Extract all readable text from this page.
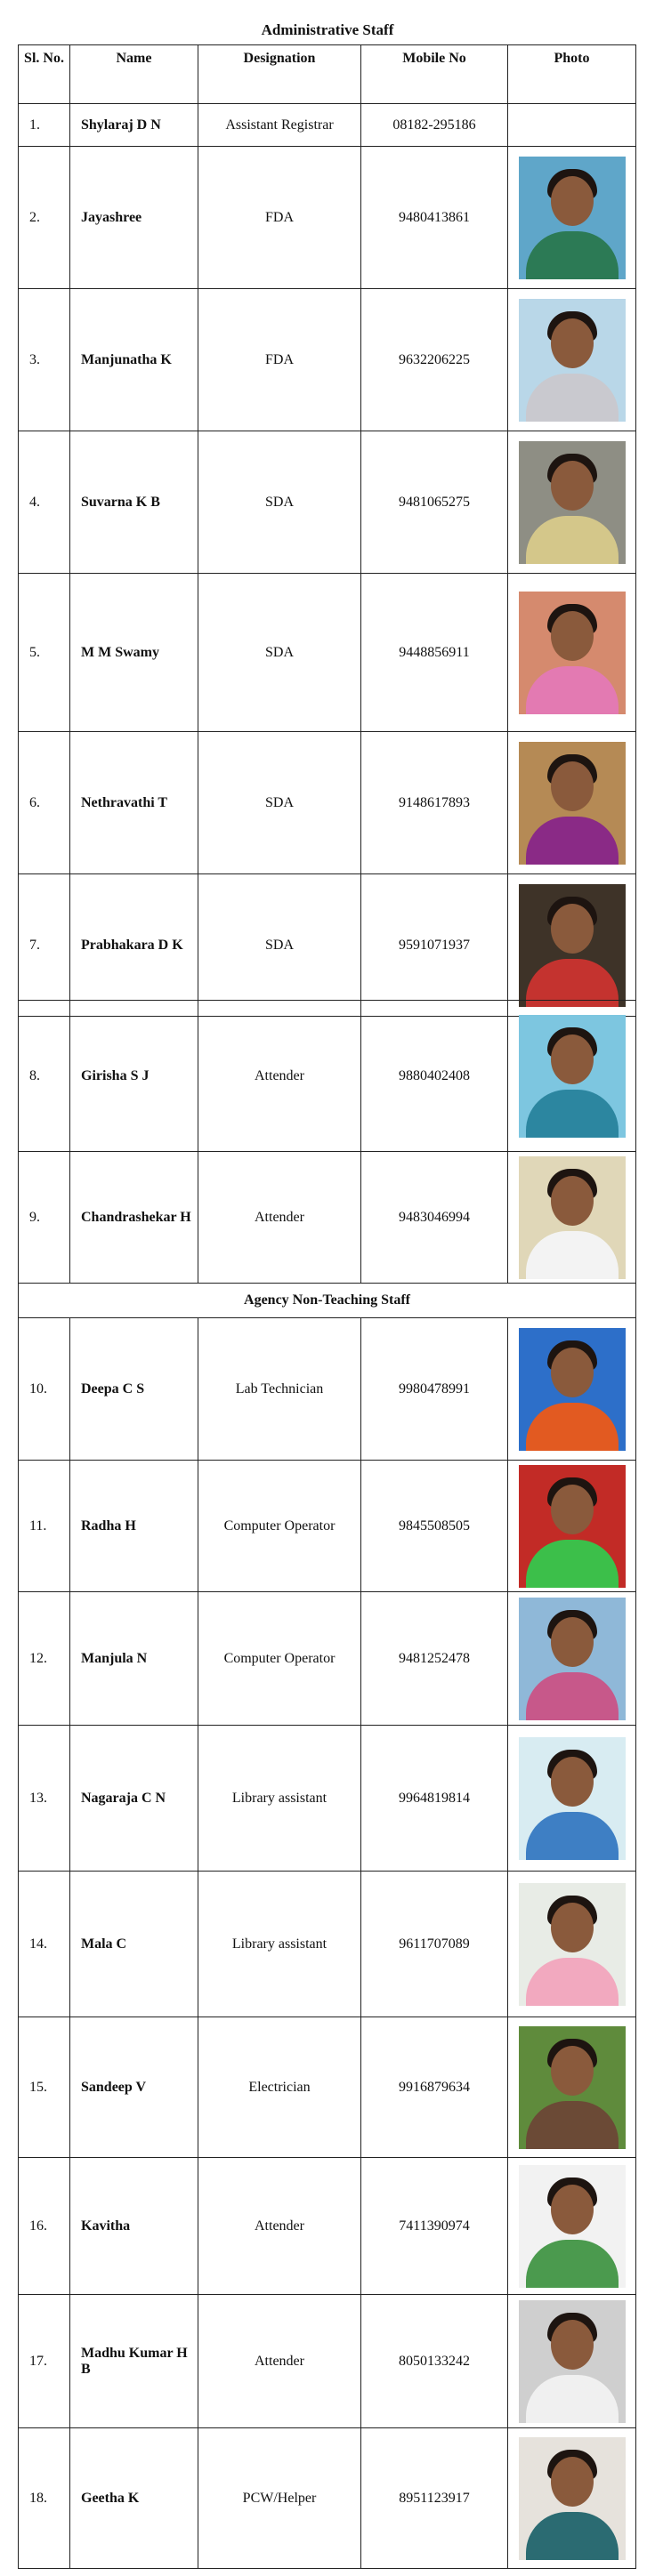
Administrative Staff
Sl. No.	Name	Designation	Mobile No	Photo
1.	Shylaraj D N	Assistant Registrar	08182-295186	
2.	Jayashree	FDA	9480413861	

3.	Manjunatha K	FDA	9632206225	

4.	Suvarna K B	SDA	9481065275	

5.	M M Swamy	SDA	9448856911	

6.	Nethravathi T	SDA	9148617893	

7.	Prabhakara D K	SDA	9591071937	
8.	Girisha S J	Attender	9880402408	

9.	Chandrashekar H	Attender	9483046994	

Agency Non-Teaching Staff				
10.	Deepa C S	Lab Technician	9980478991	

11.	Radha H	Computer Operator	9845508505	

12.	Manjula N	Computer Operator	9481252478	

13.	Nagaraja C N	Library assistant	9964819814	

14.	Mala C	Library assistant	9611707089	

15.	Sandeep V	Electrician	9916879634	

16.	Kavitha	Attender	7411390974	

17.	Madhu Kumar H B	Attender	8050133242	

18.	Geetha K	PCW/Helper	8951123917	
